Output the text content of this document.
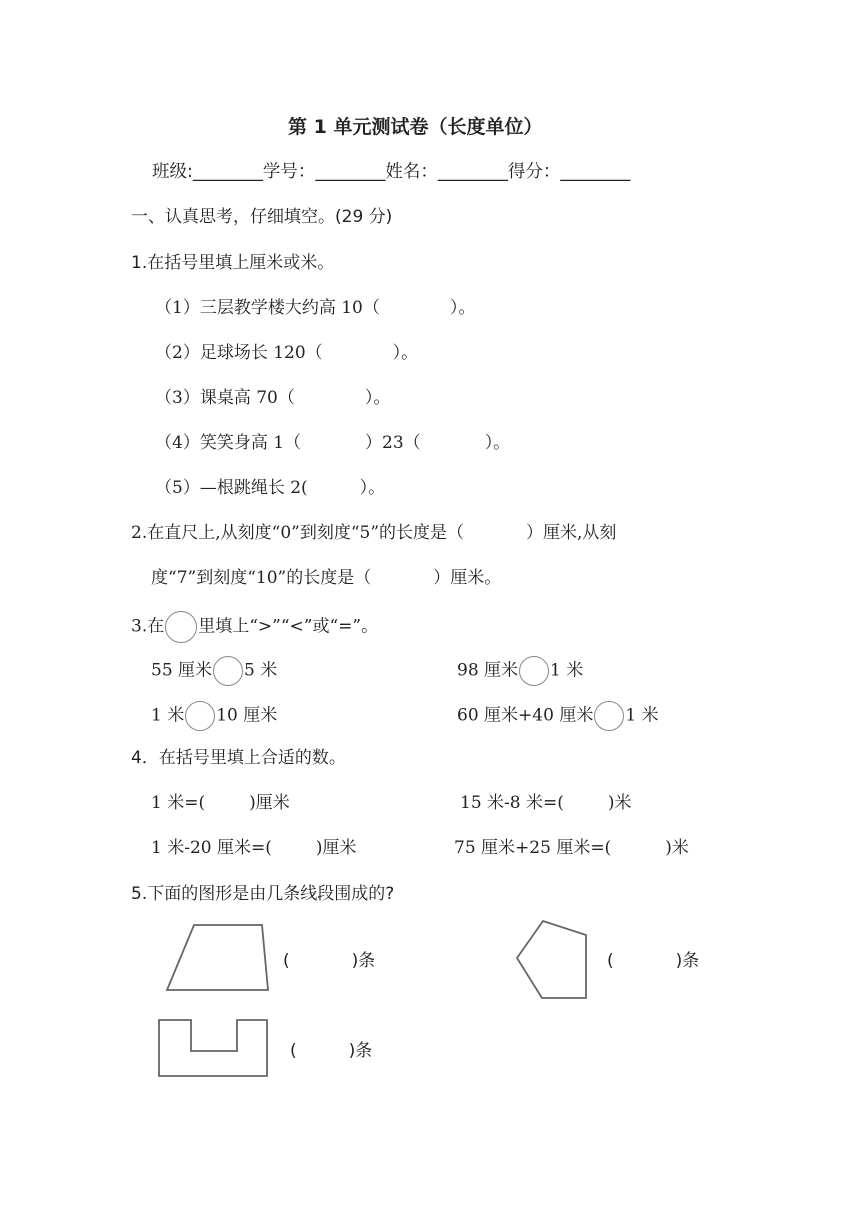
第 1 单元测试卷（长度单位）
班级:________学号：________姓名：________得分：________
一、认真思考，仔细填空。(29 分)
1.在括号里填上厘米或米。
（1）三层教学楼大约高 10（	）。
（2）足球场长 120（	）。
（3）课桌高 70（	）。
（4）笑笑身高 1（	）23（	）。
（5）—根跳绳长 2(	）。
2.在直尺上,从刻度“0”到刻度“5”的长度是（	）厘米,从刻
度“7”到刻度“10”的长度是（	）厘米。
3.在 里填上“>”“<”或“=”。
55 厘米 5 米	98 厘米 1 米
1 米 10 厘米	60 厘米+40 厘米 1 米
4．在括号里填上合适的数。
1 米=(	)厘米	15 米-8 米=(	)米
1 米-20 厘米=(	)厘米	75 厘米+25 厘米=(	)米
5.下面的图形是由几条线段围成的?
(	)条	(	)条
(	)条
